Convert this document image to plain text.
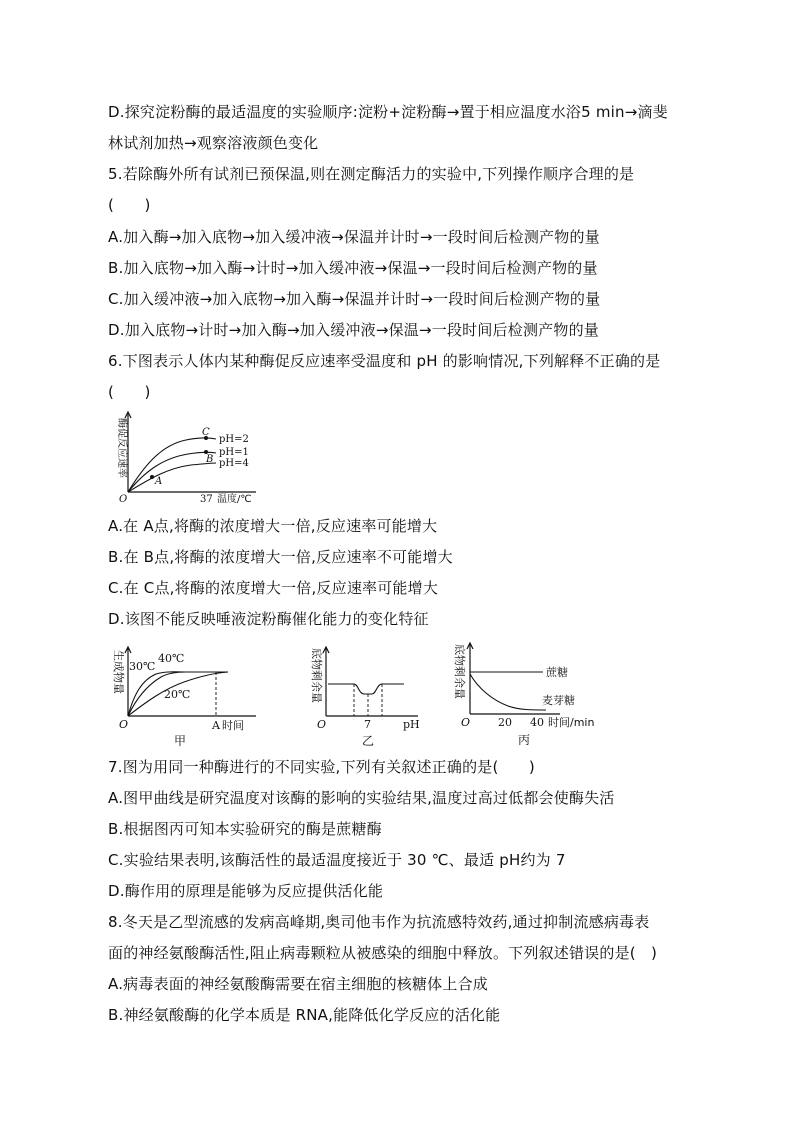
D.探究淀粉酶的最适温度的实验顺序:淀粉+淀粉酶→置于相应温度水浴5 min→滴斐
林试剂加热→观察溶液颜色变化
5.若除酶外所有试剂已预保温,则在测定酶活力的实验中,下列操作顺序合理的是
(　　)
A.加入酶→加入底物→加入缓冲液→保温并计时→一段时间后检测产物的量
B.加入底物→加入酶→计时→加入缓冲液→保温→一段时间后检测产物的量
C.加入缓冲液→加入底物→加入酶→保温并计时→一段时间后检测产物的量
D.加入底物→计时→加入酶→加入缓冲液→保温→一段时间后检测产物的量
6.下图表示人体内某种酶促反应速率受温度和 pH 的影响情况,下列解释不正确的是
(　　)
酶促反应速率
O	37 温度/℃
C
B
A
pH=2
pH=1
pH=4
A.在 A点,将酶的浓度增大一倍,反应速率可能增大
B.在 B点,将酶的浓度增大一倍,反应速率不可能增大
C.在 C点,将酶的浓度增大一倍,反应速率可能增大
D.该图不能反映唾液淀粉酶催化能力的变化特征
生成物量
O
30℃
40℃
20℃
A 时间
甲
底物剩余量
O	7	pH
乙
底物剩余量
O
蔗糖
麦芽糖
20 40 时间/min
丙
7.图为用同一种酶进行的不同实验,下列有关叙述正确的是(　　)
A.图甲曲线是研究温度对该酶的影响的实验结果,温度过高过低都会使酶失活
B.根据图丙可知本实验研究的酶是蔗糖酶
C.实验结果表明,该酶活性的最适温度接近于 30 ℃、最适 pH约为 7
D.酶作用的原理是能够为反应提供活化能
8.冬天是乙型流感的发病高峰期,奥司他韦作为抗流感特效药,通过抑制流感病毒表
面的神经氨酸酶活性,阻止病毒颗粒从被感染的细胞中释放。下列叙述错误的是(　)
A.病毒表面的神经氨酸酶需要在宿主细胞的核糖体上合成
B.神经氨酸酶的化学本质是 RNA,能降低化学反应的活化能
